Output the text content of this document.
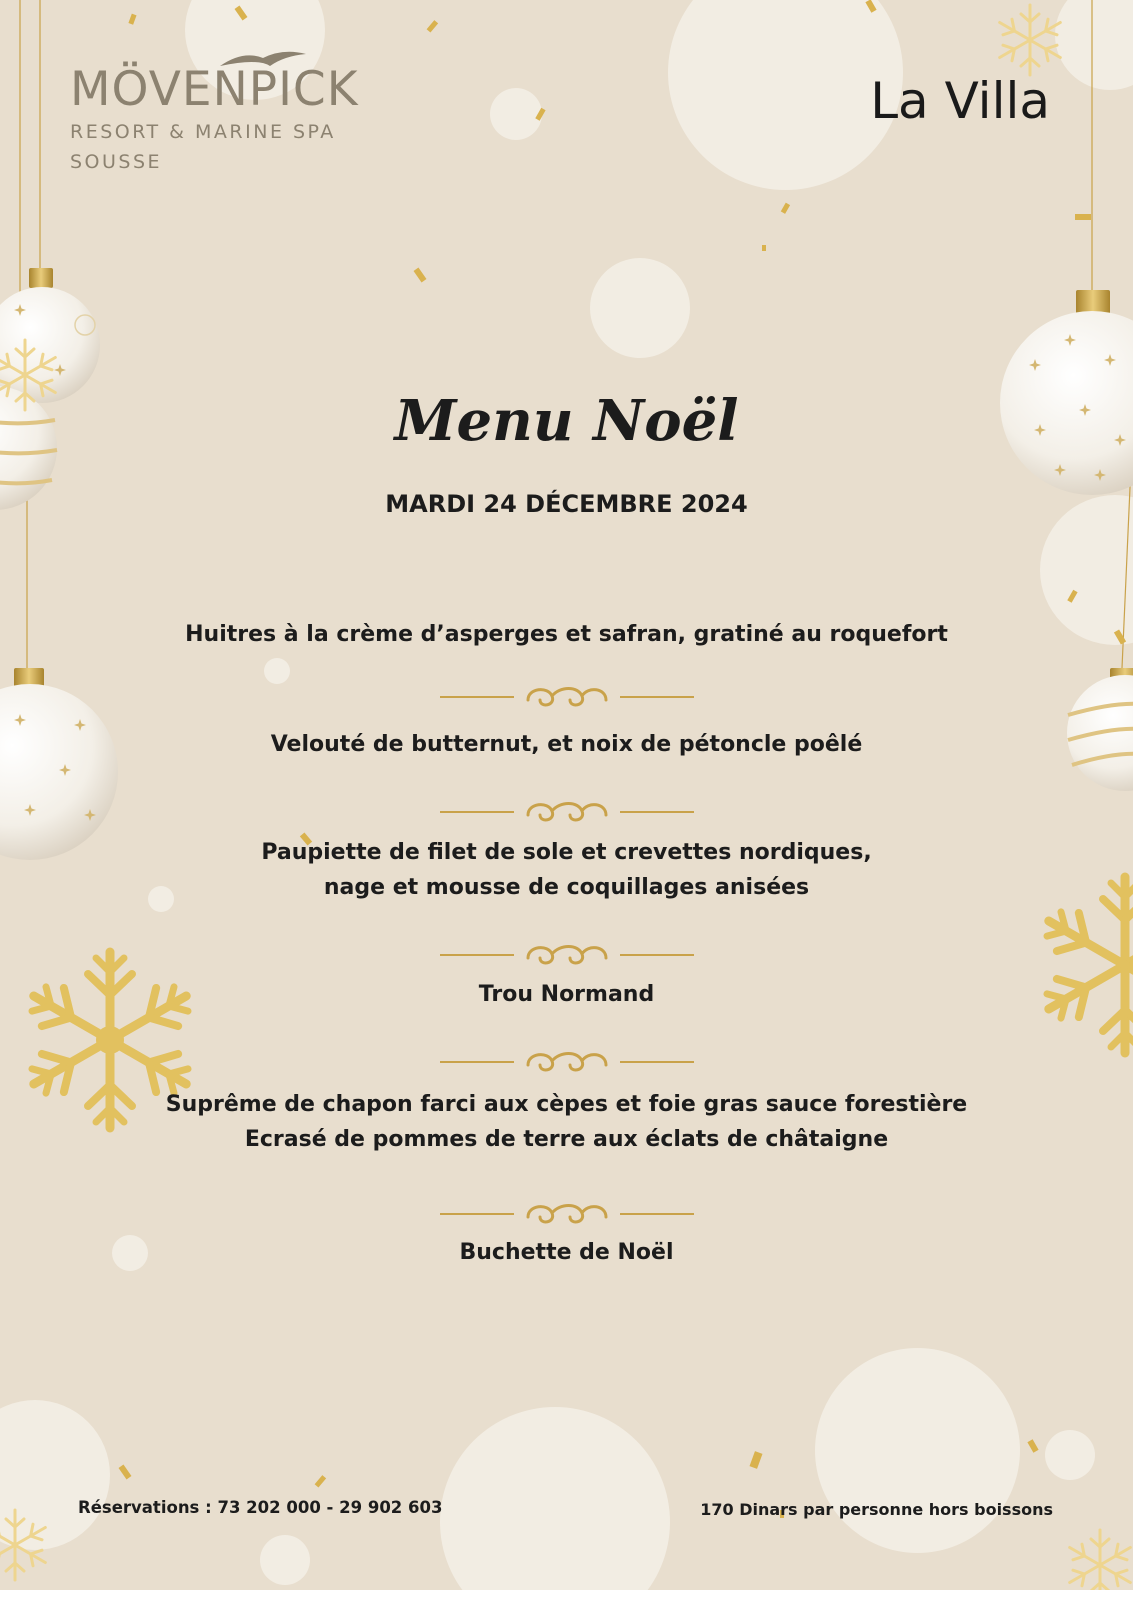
MÖVENPICK
RESORT & MARINE SPA
SOUSSE
La Villa
Menu Noël
MARDI 24 DÉCEMBRE 2024
Huitres à la crème d’asperges et safran, gratiné au roquefort
Velouté de butternut, et noix de pétoncle poêlé
Paupiette de filet de sole et crevettes nordiques,
nage et mousse de coquillages anisées
Trou Normand
Suprême de chapon farci aux cèpes et foie gras sauce forestière
Ecrasé de pommes de terre aux éclats de châtaigne
Buchette de Noël
Réservations : 73 202 000 - 29 902 603	170 Dinars par personne hors boissons
